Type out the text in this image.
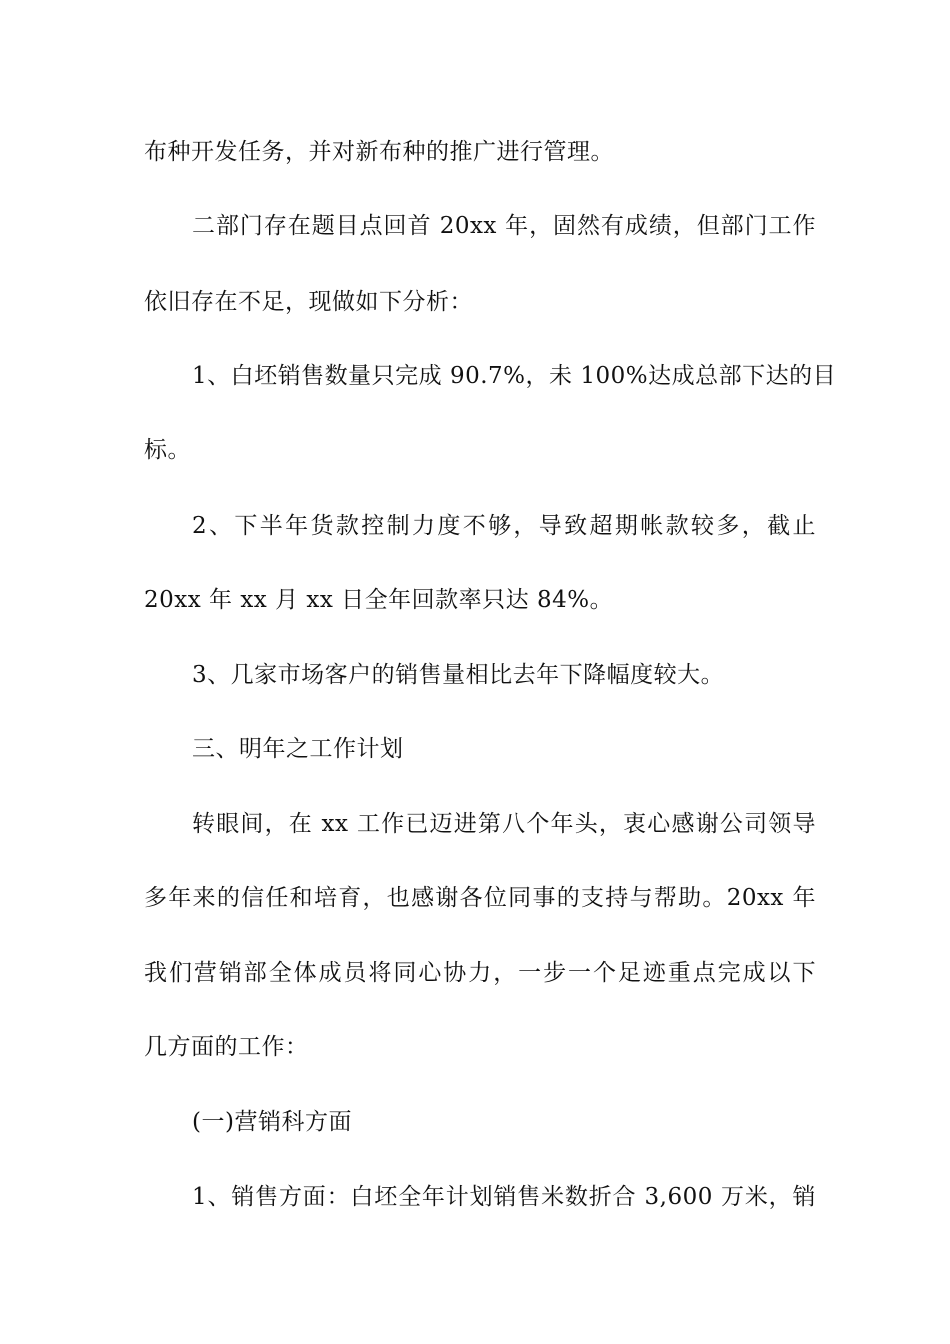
布种开发任务，并对新布种的推广进行管理。
二部门存在题目点回首 20xx 年，固然有成绩，但部门工作
依旧存在不足，现做如下分析：
1、白坯销售数量只完成 90.7%，未 100%达成总部下达的目
标。
2、下半年货款控制力度不够，导致超期帐款较多，截止
20xx 年 xx 月 xx 日全年回款率只达 84%。
3、几家市场客户的销售量相比去年下降幅度较大。
三、明年之工作计划
转眼间，在 xx 工作已迈进第八个年头，衷心感谢公司领导
多年来的信任和培育，也感谢各位同事的支持与帮助。20xx 年
我们营销部全体成员将同心协力，一步一个足迹重点完成以下
几方面的工作：
(一)营销科方面
1、销售方面：白坯全年计划销售米数折合 3,600 万米，销
